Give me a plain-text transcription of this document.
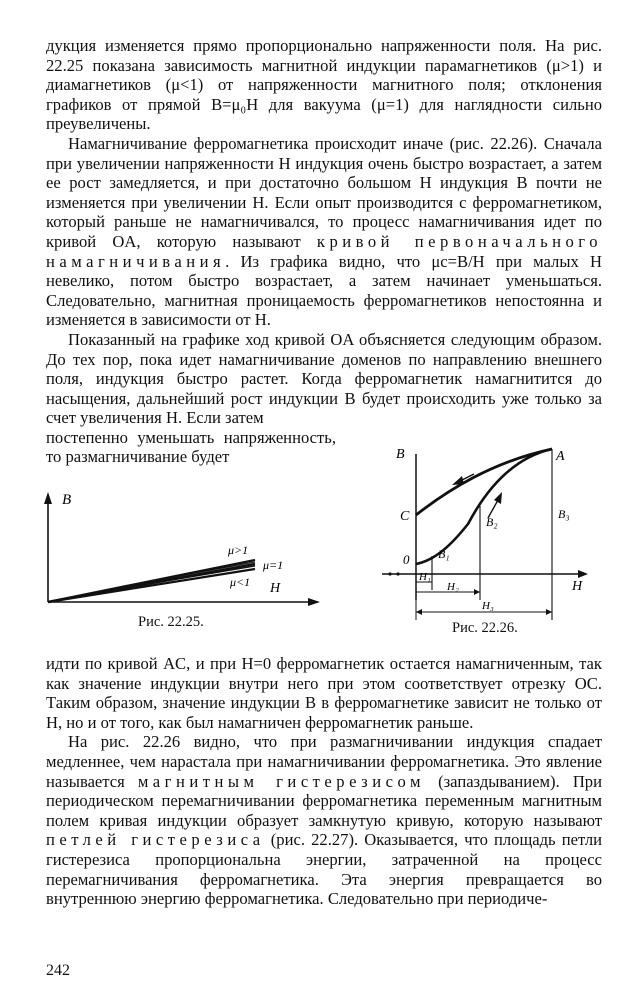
дукция изменяется прямо пропорционально напряженности поля. На рис. 22.25 показана зависимость магнитной индукции парамагнетиков (μ>1) и диамагнетиков (μ<1) от напряженности магнитного поля; отклонения графиков от прямой B=μ₀H для вакуума (μ=1) для наглядности сильно преувеличены.

Намагничивание ферромагнетика происходит иначе (рис. 22.26). Сначала при увеличении напряженности H индукция очень быстро возрастает, а затем ее рост замедляется, и при достаточно большом H индукция B почти не изменяется при увеличении H. Если опыт производится с ферромагнетиком, который раньше не намагничивался, то процесс намагничивания идет по кривой OA, которую называют кривой первоначального намагничивания. Из графика видно, что μc=B/H при малых H невелико, потом быстро возрастает, а затем начинает уменьшаться. Следовательно, магнитная проницаемость ферромагнетиков непостоянна и изменяется в зависимости от H.

Показанный на графике ход кривой OA объясняется следующим образом. До тех пор, пока идет намагничивание доменов по направлению внешнего поля, индукция быстро растет. Когда ферромагнетик намагнитится до насыщения, дальнейший рост индукции B будет происходить уже только за счет увеличения H. Если затем

постепенно уменьшать напряженность, то размагничивание будет

B
H
μ>1
μ=1
μ<1
Рис. 22.25.
B	A
C
0 B₁
B₂
B₃
H₁
H₂
H₃
H
Рис. 22.26.

идти по кривой AC, и при H=0 ферромагнетик остается намагниченным, так как значение индукции внутри него при этом соответствует отрезку OC. Таким образом, значение индукции B в ферромагнетике зависит не только от H, но и от того, как был намагничен ферромагнетик раньше.

На рис. 22.26 видно, что при размагничивании индукция спадает медленнее, чем нарастала при намагничивании ферромагнетика. Это явление называется магнитным гистерезисом (запаздыванием). При периодическом перемагничивании ферромагнетика переменным магнитным полем кривая индукции образует замкнутую кривую, которую называют петлей гистерезиса (рис. 22.27). Оказывается, что площадь петли гистерезиса пропорциональна энергии, затраченной на процесс перемагничивания ферромагнетика. Эта энергия превращается во внутреннюю энергию ферромагнетика. Следовательно при периодиче-

242
